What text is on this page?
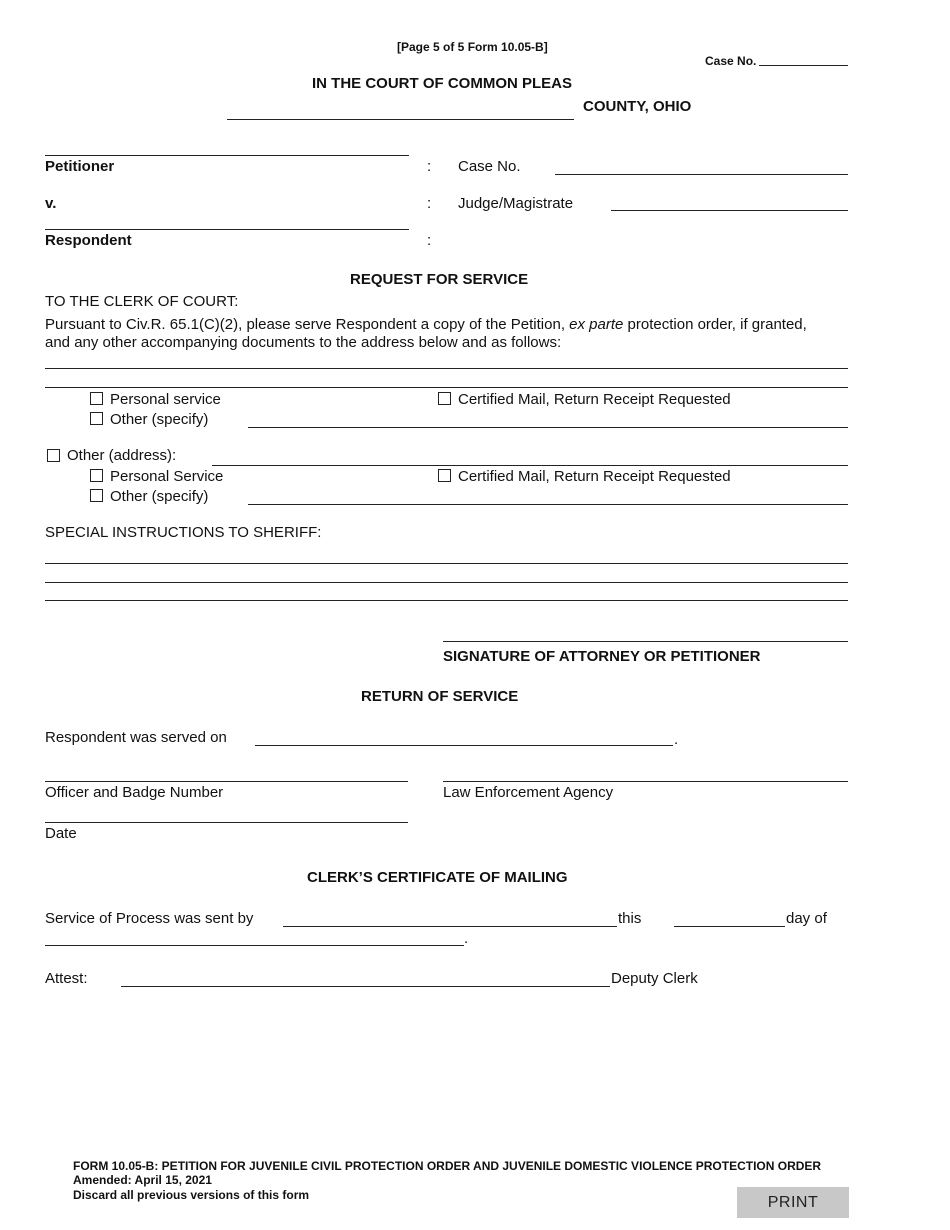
[Page 5 of 5 Form 10.05-B]
Case No.
IN THE COURT OF COMMON PLEAS
COUNTY, OHIO
Petitioner	: Case No.
v.	: Judge/Magistrate
Respondent	:
REQUEST FOR SERVICE
TO THE CLERK OF COURT:
Pursuant to Civ.R. 65.1(C)(2), please serve Respondent a copy of the Petition, ex parte protection order, if granted,
and any other accompanying documents to the address below and as follows:
Personal service	Certified Mail, Return Receipt Requested
Other (specify)
Other (address):
Personal Service	Certified Mail, Return Receipt Requested
Other (specify)
SPECIAL INSTRUCTIONS TO SHERIFF:
SIGNATURE OF ATTORNEY OR PETITIONER
RETURN OF SERVICE
Respondent was served on	.
Officer and Badge Number	Law Enforcement Agency
Date
CLERK’S CERTIFICATE OF MAILING
Service of Process was sent by	this	day of
.
Attest:	Deputy Clerk
FORM 10.05-B: PETITION FOR JUVENILE CIVIL PROTECTION ORDER AND JUVENILE DOMESTIC VIOLENCE PROTECTION ORDER
Amended: April 15, 2021
Discard all previous versions of this form	PRINT
